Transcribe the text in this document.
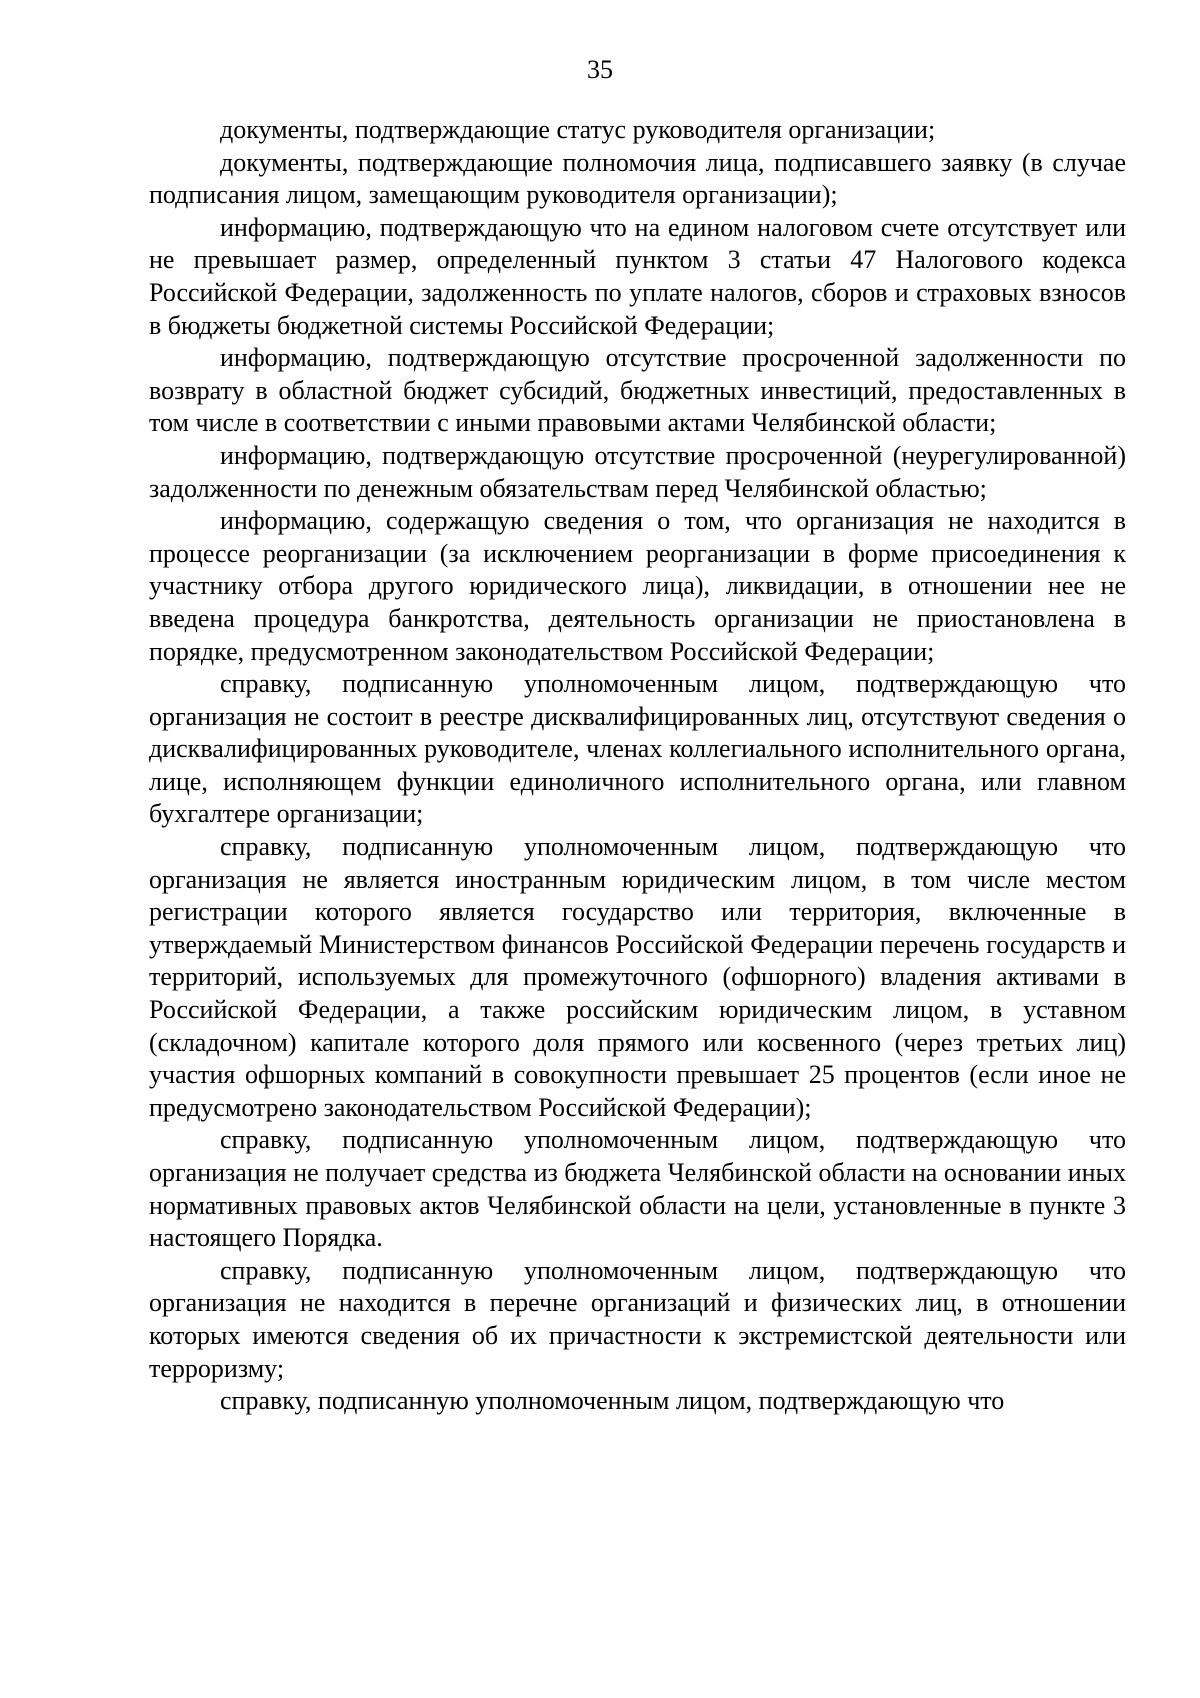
35

документы, подтверждающие статус руководителя организации;

документы, подтверждающие полномочия лица, подписавшего заявку (в случае подписания лицом, замещающим руководителя организации);

информацию, подтверждающую что на едином налоговом счете отсутствует или не превышает размер, определенный пунктом 3 статьи 47 Налогового кодекса Российской Федерации, задолженность по уплате налогов, сборов и страховых взносов в бюджеты бюджетной системы Российской Федерации;

информацию, подтверждающую отсутствие просроченной задолженности по возврату в областной бюджет субсидий, бюджетных инвестиций, предоставленных в том числе в соответствии с иными правовыми актами Челябинской области;

информацию, подтверждающую отсутствие просроченной (неурегулированной) задолженности по денежным обязательствам перед Челябинской областью;

информацию, содержащую сведения о том, что организация не находится в процессе реорганизации (за исключением реорганизации в форме присоединения к участнику отбора другого юридического лица), ликвидации, в отношении нее не введена процедура банкротства, деятельность организации не приостановлена в порядке, предусмотренном законодательством Российской Федерации;

справку, подписанную уполномоченным лицом, подтверждающую что организация не состоит в реестре дисквалифицированных лиц, отсутствуют сведения о дисквалифицированных руководителе, членах коллегиального исполнительного органа, лице, исполняющем функции единоличного исполнительного органа, или главном бухгалтере организации;

справку, подписанную уполномоченным лицом, подтверждающую что организация не является иностранным юридическим лицом, в том числе местом регистрации которого является государство или территория, включенные в утверждаемый Министерством финансов Российской Федерации перечень государств и территорий, используемых для промежуточного (офшорного) владения активами в Российской Федерации, а также российским юридическим лицом, в уставном (складочном) капитале которого доля прямого или косвенного (через третьих лиц) участия офшорных компаний в совокупности превышает 25 процентов (если иное не предусмотрено законодательством Российской Федерации);

справку, подписанную уполномоченным лицом, подтверждающую что организация не получает средства из бюджета Челябинской области на основании иных нормативных правовых актов Челябинской области на цели, установленные в пункте 3 настоящего Порядка.

справку, подписанную уполномоченным лицом, подтверждающую что организация не находится в перечне организаций и физических лиц, в отношении которых имеются сведения об их причастности к экстремистской деятельности или терроризму;

справку, подписанную уполномоченным лицом, подтверждающую что
